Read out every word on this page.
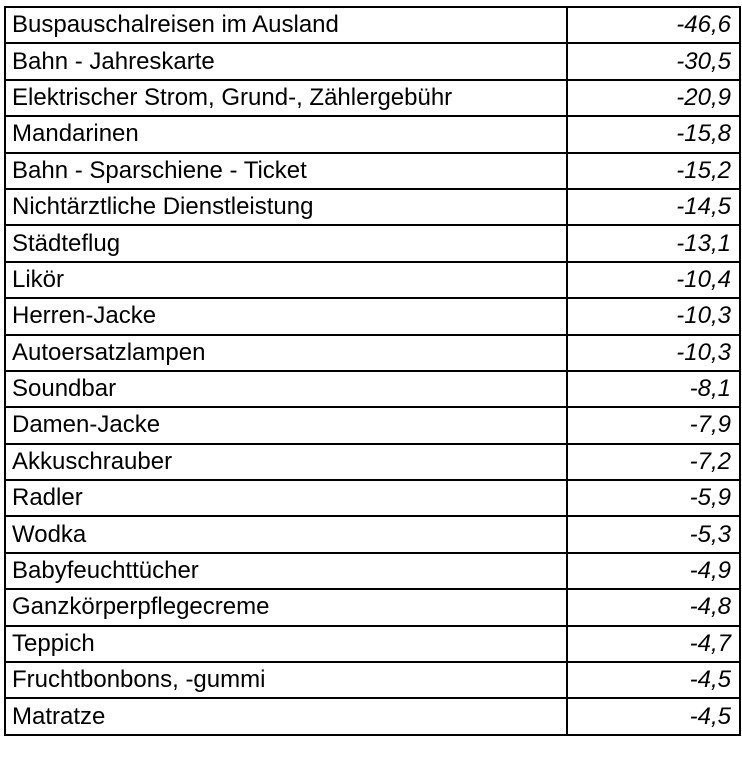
Buspauschalreisen im Ausland	-46,6
Bahn - Jahreskarte	-30,5
Elektrischer Strom, Grund-, Zählergebühr	-20,9
Mandarinen	-15,8
Bahn - Sparschiene - Ticket	-15,2
Nichtärztliche Dienstleistung	-14,5
Städteflug	-13,1
Likör	-10,4
Herren-Jacke	-10,3
Autoersatzlampen	-10,3
Soundbar	-8,1
Damen-Jacke	-7,9
Akkuschrauber	-7,2
Radler	-5,9
Wodka	-5,3
Babyfeuchttücher	-4,9
Ganzkörperpflegecreme	-4,8
Teppich	-4,7
Fruchtbonbons, -gummi	-4,5
Matratze	-4,5
